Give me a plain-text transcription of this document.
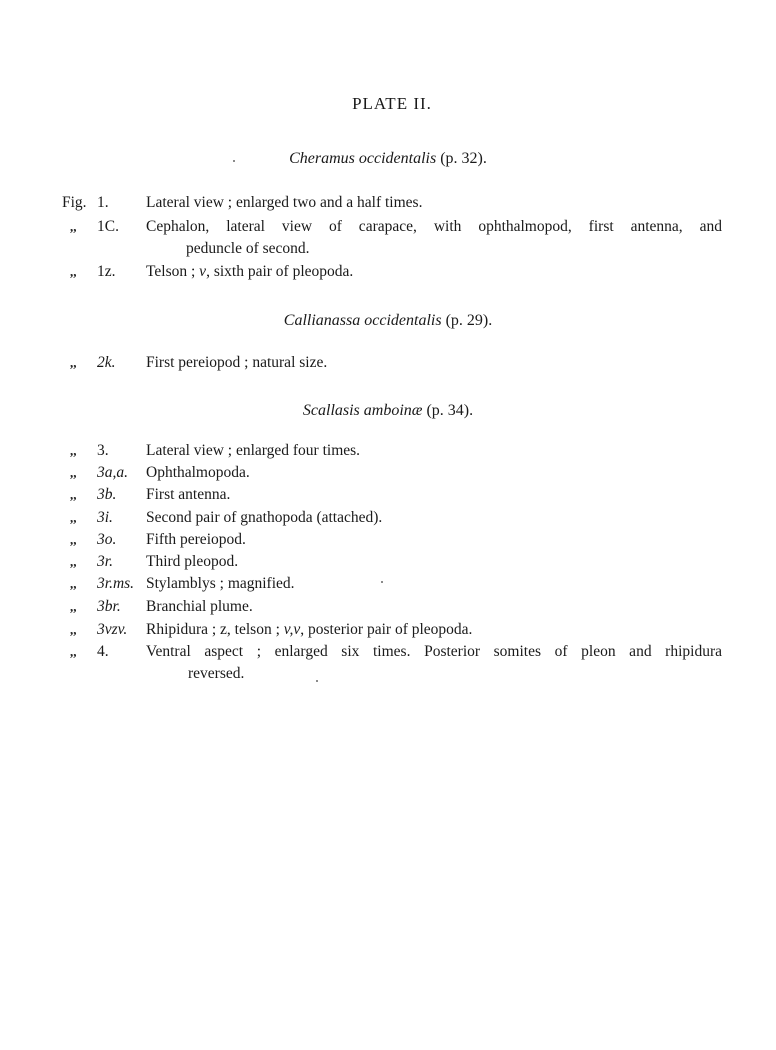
PLATE II.
Cheramus occidentalis (p. 32).
Fig. 1.	Lateral view ; enlarged two and a half times.
,,	1C.	Cephalon, lateral view of carapace, with ophthalmopod, first antenna, and
peduncle of second.
,,	1z.	Telson ; v, sixth pair of pleopoda.
Callianassa occidentalis (p. 29).
,,	2k.	First pereiopod ; natural size.
Scallasis amboinæ (p. 34).
,,	3.	Lateral view ; enlarged four times.
,,	3a,a.	Ophthalmopoda.
,,	3b.	First antenna.
,,	3i.	Second pair of gnathopoda (attached).
,,	3o.	Fifth pereiopod.
,,	3r.	Third pleopod.
,,	3r.ms. Stylamblys ; magnified.
,,	3br.	Branchial plume.
,,	3vzv.	Rhipidura ; z, telson ; v,v, posterior pair of pleopoda.
,,	4.	Ventral aspect ; enlarged six times. Posterior somites of pleon and rhipidura
reversed.
